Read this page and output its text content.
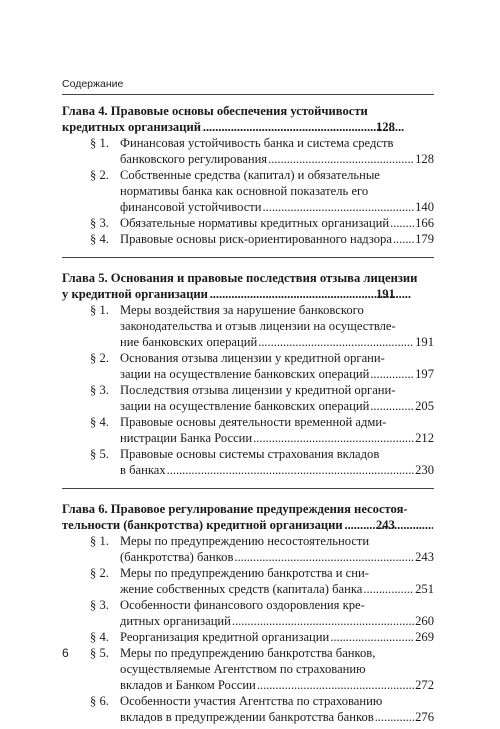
Содержание
Глава 4. Правовые основы обеспечения устойчивости
кредитных организаций . . .	128
§ 1. Финансовая устойчивость банка и система средств
банковского регулирования . . .	128
§ 2. Собственные средства (капитал) и обязательные
нормативы банка как основной показатель его
финансовой устойчивости . . .	140
§ 3. Обязательные нормативы кредитных организаций . . . 166
§ 4. Правовые основы риск-ориентированного надзора . . . 179
Глава 5. Основания и правовые последствия отзыва лицензии
у кредитной организации . . .	191
§ 1. Меры воздействия за нарушение банковского
законодательства и отзыв лицензии на осуществле-
ние банковских операций . . .	191
§ 2. Основания отзыва лицензии у кредитной органи-
зации на осуществление банковских операций . . .	197
§ 3. Последствия отзыва лицензии у кредитной органи-
зации на осуществление банковских операций . . .	205
§ 4. Правовые основы деятельности временной адми-
нистрации Банка России . . .	212
§ 5. Правовые основы системы страхования вкладов
в банках . . .	230
Глава 6. Правовое регулирование предупреждения несостоя-
тельности (банкротства) кредитной организации . . .	243
§ 1. Меры по предупреждению несостоятельности
(банкротства) банков . . .	243
§ 2. Меры по предупреждению банкротства и сни-
жение собственных средств (капитала) банка . . .	251
§ 3. Особенности финансового оздоровления кре-
дитных организаций . . .	260
§ 4. Реорганизация кредитной организации . . .	269
§ 5. Меры по предупреждению банкротства банков,
осуществляемые Агентством по страхованию
вкладов и Банком России . . .	272
§ 6. Особенности участия Агентства по страхованию
вкладов в предупреждении банкротства банков . . .	276
6
